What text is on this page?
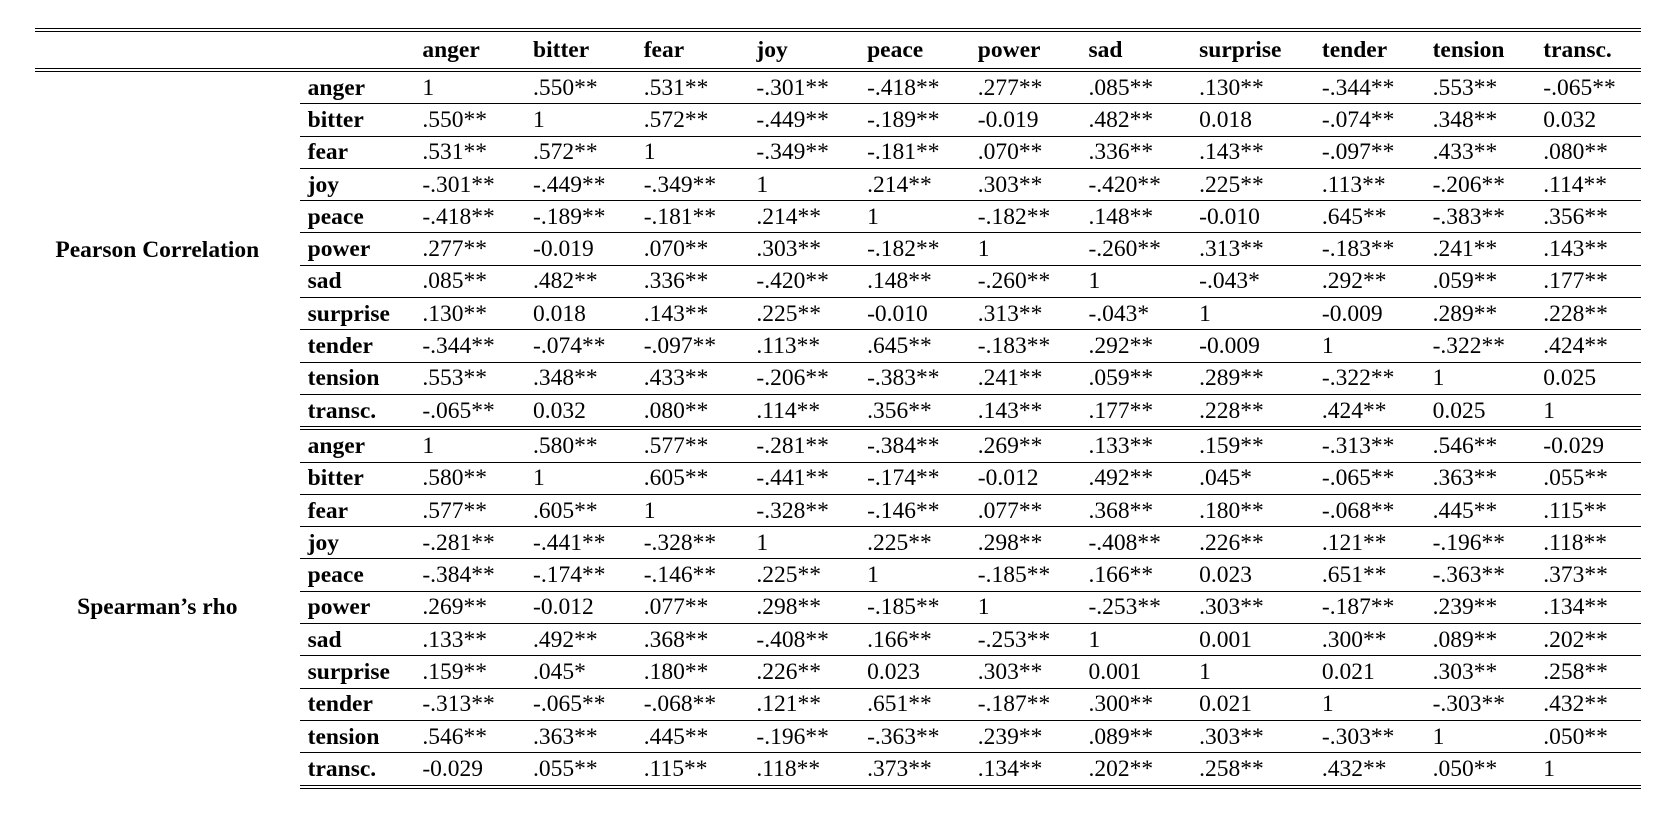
		anger	bitter	fear	joy	peace	power	sad	surprise	tender	tension	transc.
Pearson Correlation	anger	1	.550**	.531**	-.301**	-.418**	.277**	.085**	.130**	-.344**	.553**	-.065**
	bitter	.550**	1	.572**	-.449**	-.189**	-0.019	.482**	0.018	-.074**	.348**	0.032
	fear	.531**	.572**	1	-.349**	-.181**	.070**	.336**	.143**	-.097**	.433**	.080**
	joy	-.301**	-.449**	-.349**	1	.214**	.303**	-.420**	.225**	.113**	-.206**	.114**
	peace	-.418**	-.189**	-.181**	.214**	1	-.182**	.148**	-0.010	.645**	-.383**	.356**
	power	.277**	-0.019	.070**	.303**	-.182**	1	-.260**	.313**	-.183**	.241**	.143**
	sad	.085**	.482**	.336**	-.420**	.148**	-.260**	1	-.043*	.292**	.059**	.177**
	surprise	.130**	0.018	.143**	.225**	-0.010	.313**	-.043*	1	-0.009	.289**	.228**
	tender	-.344**	-.074**	-.097**	.113**	.645**	-.183**	.292**	-0.009	1	-.322**	.424**
	tension	.553**	.348**	.433**	-.206**	-.383**	.241**	.059**	.289**	-.322**	1	0.025
	transc.	-.065**	0.032	.080**	.114**	.356**	.143**	.177**	.228**	.424**	0.025	1
Spearman’s rho	anger	1	.580**	.577**	-.281**	-.384**	.269**	.133**	.159**	-.313**	.546**	-0.029
	bitter	.580**	1	.605**	-.441**	-.174**	-0.012	.492**	.045*	-.065**	.363**	.055**
	fear	.577**	.605**	1	-.328**	-.146**	.077**	.368**	.180**	-.068**	.445**	.115**
	joy	-.281**	-.441**	-.328**	1	.225**	.298**	-.408**	.226**	.121**	-.196**	.118**
	peace	-.384**	-.174**	-.146**	.225**	1	-.185**	.166**	0.023	.651**	-.363**	.373**
	power	.269**	-0.012	.077**	.298**	-.185**	1	-.253**	.303**	-.187**	.239**	.134**
	sad	.133**	.492**	.368**	-.408**	.166**	-.253**	1	0.001	.300**	.089**	.202**
	surprise	.159**	.045*	.180**	.226**	0.023	.303**	0.001	1	0.021	.303**	.258**
	tender	-.313**	-.065**	-.068**	.121**	.651**	-.187**	.300**	0.021	1	-.303**	.432**
	tension	.546**	.363**	.445**	-.196**	-.363**	.239**	.089**	.303**	-.303**	1	.050**
	transc.	-0.029	.055**	.115**	.118**	.373**	.134**	.202**	.258**	.432**	.050**	1
